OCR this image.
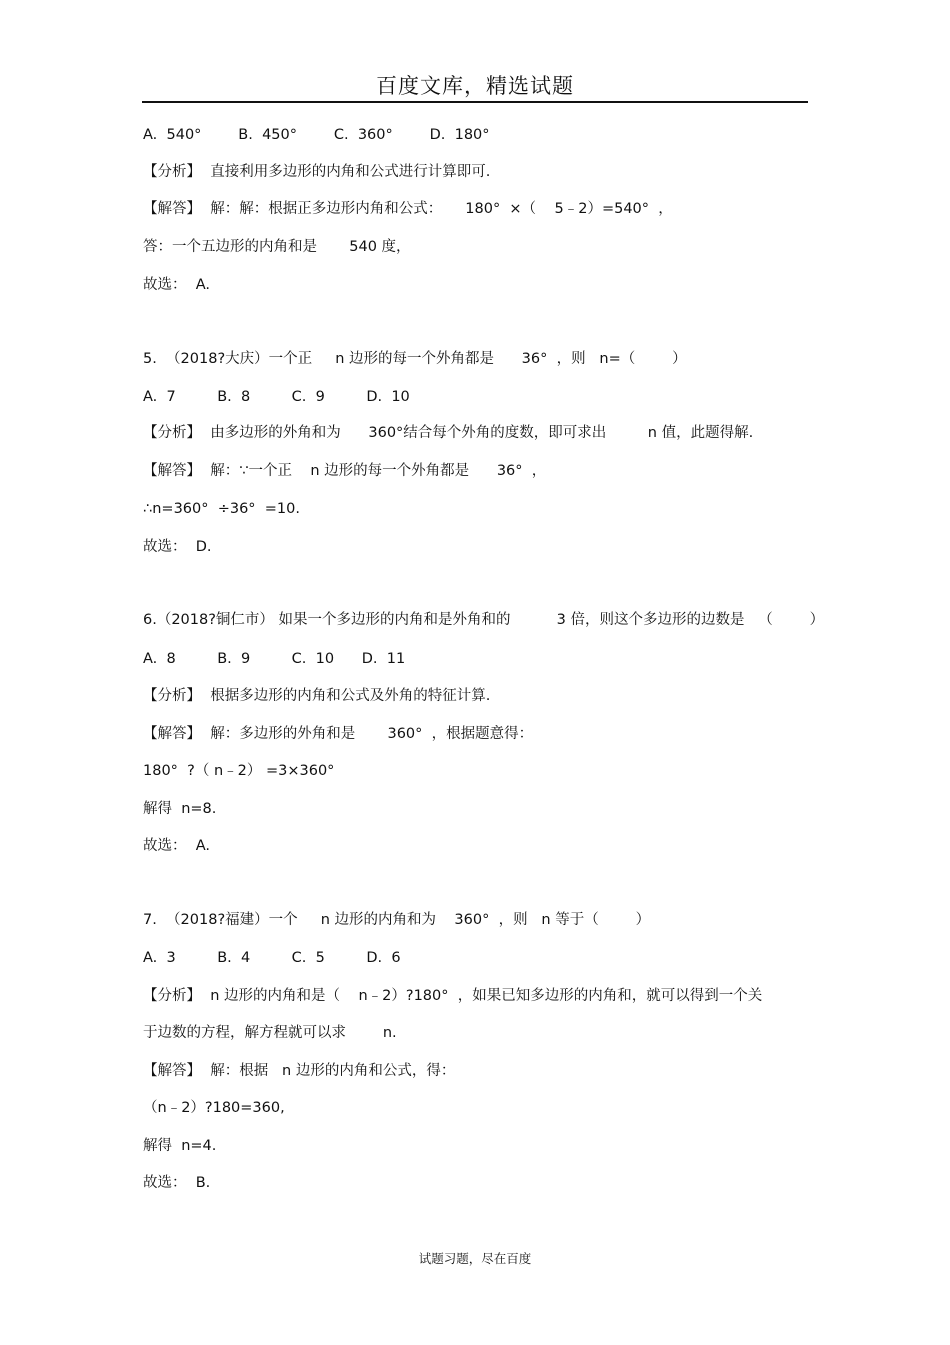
百度文库，精选试题
A.  540°        B.  450°        C.  360°        D.  180°
【分析】  直接利用多边形的内角和公式进行计算即可.
【解答】  解：解：根据正多边形内角和公式：     180°  ×（    5﹣2）=540°  ，
答：一个五边形的内角和是       540 度，
故选：  A.
5.  （2018?大庆）一个正     n 边形的每一个外角都是      36°  ，则   n=（        ）
A.  7         B.  8         C.  9         D.  10
【分析】  由多边形的外角和为      360°结合每个外角的度数，即可求出         n 值，此题得解.
【解答】  解：∵一个正    n 边形的每一个外角都是      36°  ，
∴n=360°  ÷36°  =10.
故选：  D.
6.（2018?铜仁市） 如果一个多边形的内角和是外角和的          3 倍，则这个多边形的边数是   （        ）
A.  8         B.  9         C.  10      D.  11
【分析】  根据多边形的内角和公式及外角的特征计算.
【解答】  解：多边形的外角和是       360°  ，根据题意得：
180°  ?（ n﹣2） =3×360°
解得  n=8.
故选：  A.
7.  （2018?福建）一个     n 边形的内角和为    360°  ，则   n 等于（        ）
A.  3         B.  4         C.  5         D.  6
【分析】  n 边形的内角和是（    n﹣2）?180°  ，如果已知多边形的内角和，就可以得到一个关
于边数的方程，解方程就可以求        n.
【解答】  解：根据   n 边形的内角和公式，得：
（n﹣2）?180=360,
解得  n=4.
故选：  B.
试题习题，尽在百度
